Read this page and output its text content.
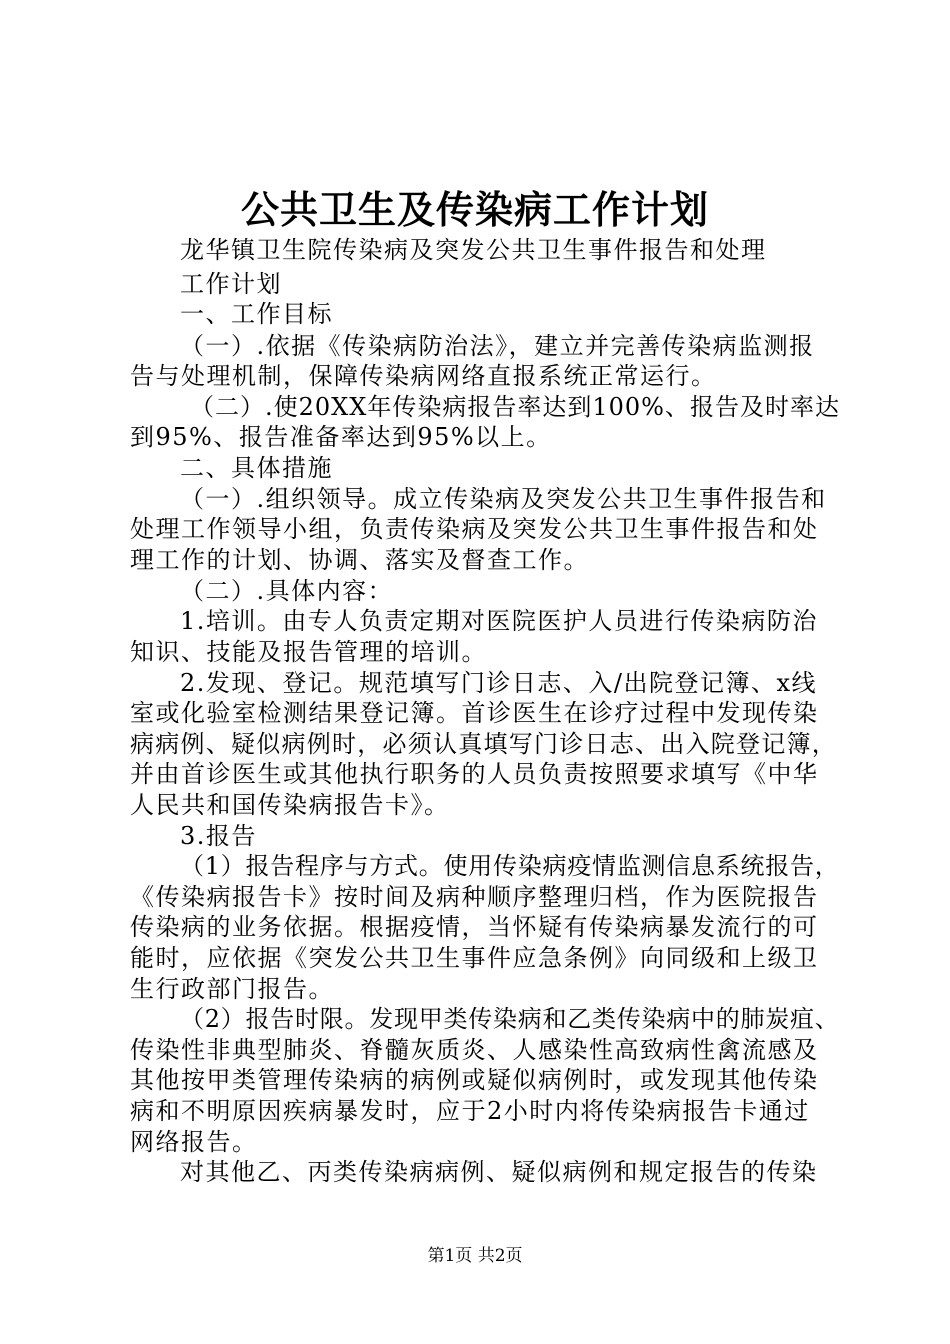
公共卫生及传染病工作计划
龙华镇卫生院传染病及突发公共卫生事件报告和处理
工作计划
一、工作目标
（一）.依据《传染病防治法》，建立并完善传染病监测报
告与处理机制，保障传染病网络直报系统正常运行。
（二）.使20XX年传染病报告率达到100%、报告及时率达
到95%、报告准备率达到95%以上。
二、具体措施
（一）.组织领导。成立传染病及突发公共卫生事件报告和
处理工作领导小组，负责传染病及突发公共卫生事件报告和处
理工作的计划、协调、落实及督查工作。
（二）.具体内容：
1.培训。由专人负责定期对医院医护人员进行传染病防治
知识、技能及报告管理的培训。
2.发现、登记。规范填写门诊日志、入/出院登记簿、x线
室或化验室检测结果登记簿。首诊医生在诊疗过程中发现传染
病病例、疑似病例时，必须认真填写门诊日志、出入院登记簿，
并由首诊医生或其他执行职务的人员负责按照要求填写《中华
人民共和国传染病报告卡》。
3.报告
（1）报告程序与方式。使用传染病疫情监测信息系统报告，
《传染病报告卡》按时间及病种顺序整理归档，作为医院报告
传染病的业务依据。根据疫情，当怀疑有传染病暴发流行的可
能时，应依据《突发公共卫生事件应急条例》向同级和上级卫
生行政部门报告。
（2）报告时限。发现甲类传染病和乙类传染病中的肺炭疽、
传染性非典型肺炎、脊髓灰质炎、人感染性高致病性禽流感及
其他按甲类管理传染病的病例或疑似病例时，或发现其他传染
病和不明原因疾病暴发时，应于2小时内将传染病报告卡通过
网络报告。
对其他乙、丙类传染病病例、疑似病例和规定报告的传染
第1页 共2页
